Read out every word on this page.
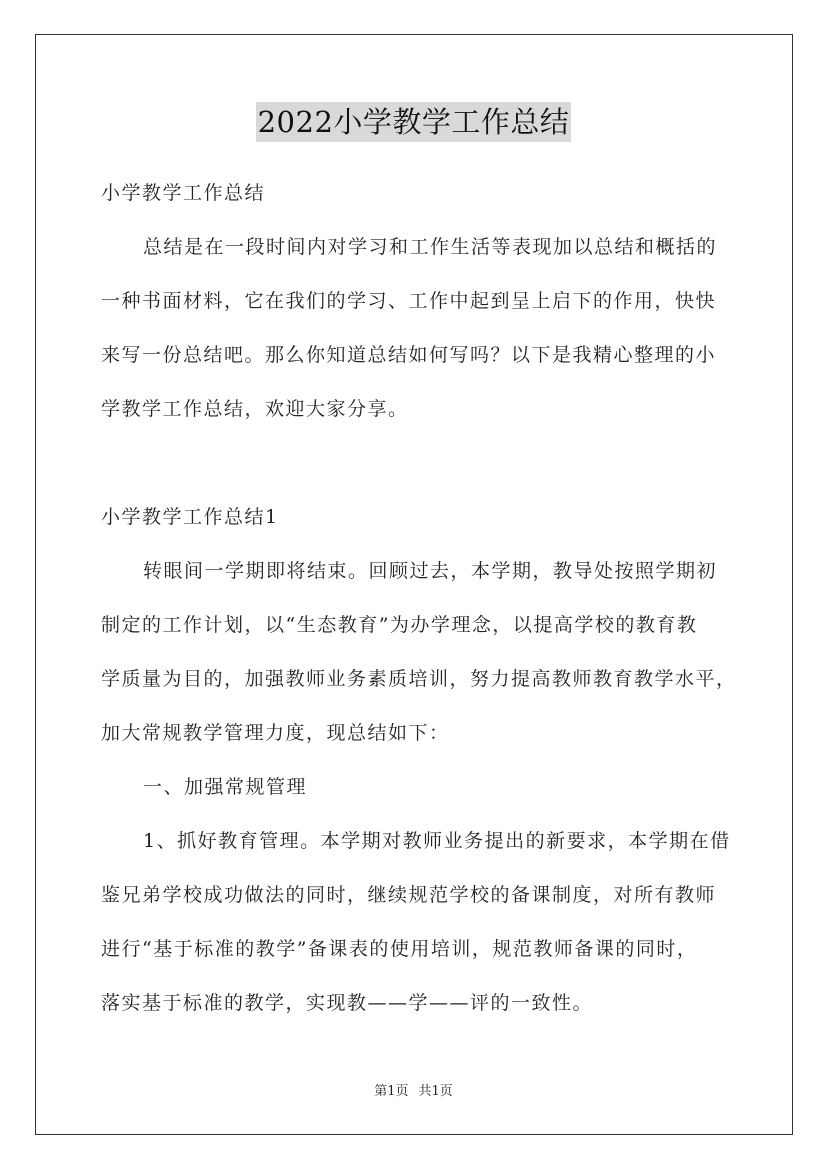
2022小学教学工作总结
小学教学工作总结
总结是在一段时间内对学习和工作生活等表现加以总结和概括的
一种书面材料，它在我们的学习、工作中起到呈上启下的作用，快快
来写一份总结吧。那么你知道总结如何写吗？以下是我精心整理的小
学教学工作总结，欢迎大家分享。
小学教学工作总结1
转眼间一学期即将结束。回顾过去，本学期，教导处按照学期初
制定的工作计划，以“生态教育”为办学理念，以提高学校的教育教
学质量为目的，加强教师业务素质培训，努力提高教师教育教学水平，
加大常规教学管理力度，现总结如下：
一、加强常规管理
1、抓好教育管理。本学期对教师业务提出的新要求，本学期在借
鉴兄弟学校成功做法的同时，继续规范学校的备课制度，对所有教师
进行“基于标准的教学”备课表的使用培训，规范教师备课的同时，
落实基于标准的教学，实现教——学——评的一致性。
第1页 共1页
